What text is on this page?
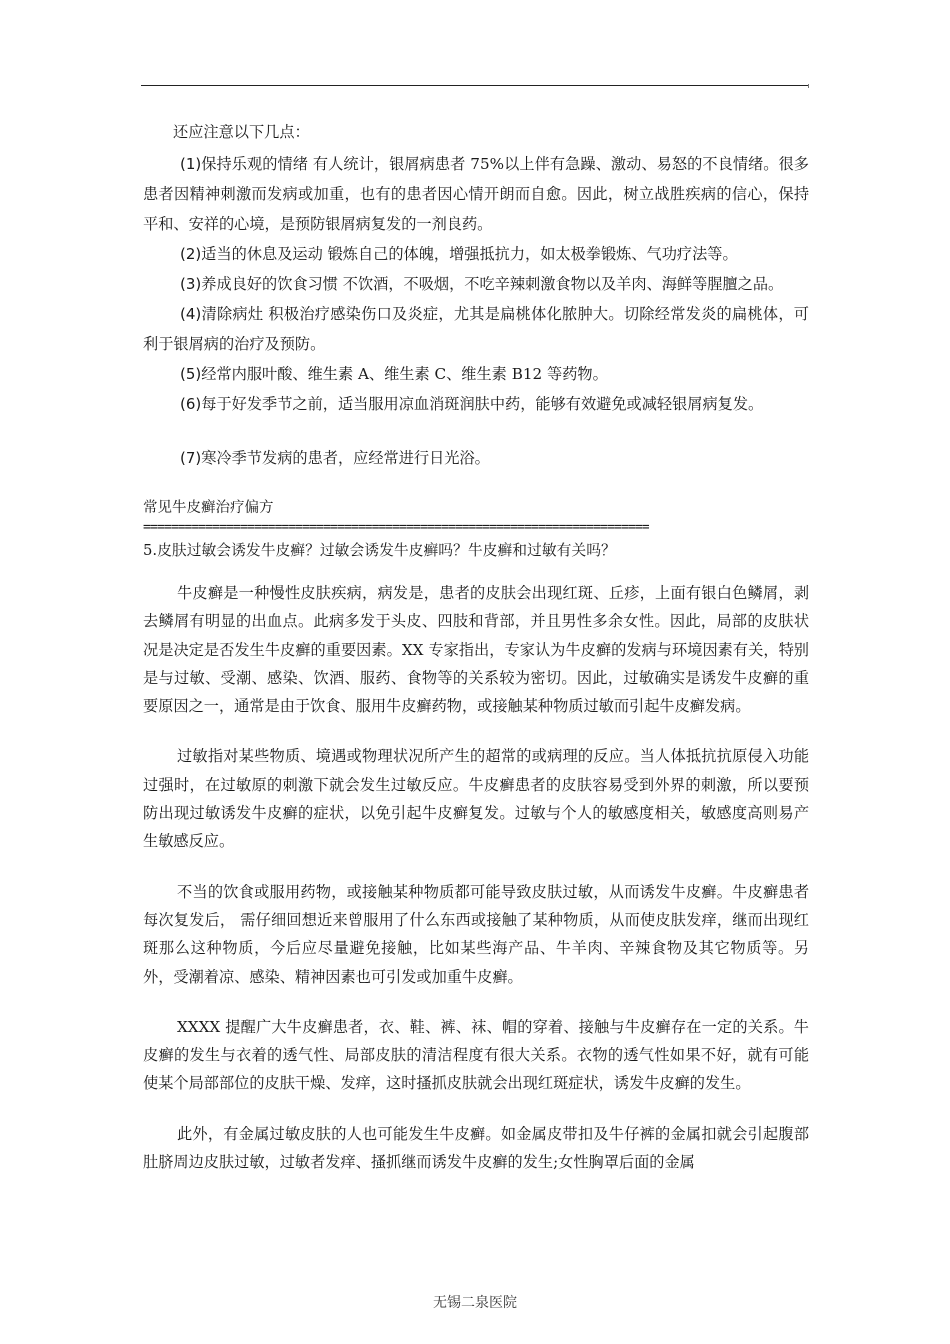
还应注意以下几点：

(1)保持乐观的情绪 有人统计，银屑病患者 75%以上伴有急躁、激动、易怒的不良情绪。很多患者因精神刺激而发病或加重，也有的患者因心情开朗而自愈。因此，树立战胜疾病的信心，保持平和、安祥的心境，是预防银屑病复发的一剂良药。

(2)适当的休息及运动 锻炼自己的体魄，增强抵抗力，如太极拳锻炼、气功疗法等。

(3)养成良好的饮食习惯 不饮酒，不吸烟，不吃辛辣刺激食物以及羊肉、海鲜等腥膻之品。

(4)清除病灶 积极治疗感染伤口及炎症，尤其是扁桃体化脓肿大。切除经常发炎的扁桃体，可利于银屑病的治疗及预防。

(5)经常内服叶酸、维生素 A、维生素 C、维生素 B12 等药物。

(6)每于好发季节之前，适当服用凉血消斑润肤中药，能够有效避免或减轻银屑病复发。

(7)寒冷季节发病的患者，应经常进行日光浴。

常见牛皮癣治疗偏方

=========================================================================

5.皮肤过敏会诱发牛皮癣？过敏会诱发牛皮癣吗？牛皮癣和过敏有关吗？

牛皮癣是一种慢性皮肤疾病，病发是，患者的皮肤会出现红斑、丘疹，上面有银白色鳞屑，剥去鳞屑有明显的出血点。此病多发于头皮、四肢和背部，并且男性多余女性。因此，局部的皮肤状况是决定是否发生牛皮癣的重要因素。XX 专家指出，专家认为牛皮癣的发病与环境因素有关，特别是与过敏、受潮、感染、饮酒、服药、食物等的关系较为密切。因此，过敏确实是诱发牛皮癣的重要原因之一，通常是由于饮食、服用牛皮癣药物，或接触某种物质过敏而引起牛皮癣发病。

过敏指对某些物质、境遇或物理状况所产生的超常的或病理的反应。当人体抵抗抗原侵入功能过强时，在过敏原的刺激下就会发生过敏反应。牛皮癣患者的皮肤容易受到外界的刺激，所以要预防出现过敏诱发牛皮癣的症状，以免引起牛皮癣复发。过敏与个人的敏感度相关，敏感度高则易产生敏感反应。

不当的饮食或服用药物，或接触某种物质都可能导致皮肤过敏，从而诱发牛皮癣。牛皮癣患者每次复发后， 需仔细回想近来曾服用了什么东西或接触了某种物质，从而使皮肤发痒，继而出现红斑那么这种物质，今后应尽量避免接触，比如某些海产品、牛羊肉、辛辣食物及其它物质等。另外，受潮着凉、感染、精神因素也可引发或加重牛皮癣。

XXXX 提醒广大牛皮癣患者，衣、鞋、裤、袜、帽的穿着、接触与牛皮癣存在一定的关系。牛皮癣的发生与衣着的透气性、局部皮肤的清洁程度有很大关系。衣物的透气性如果不好，就有可能使某个局部部位的皮肤干燥、发痒，这时搔抓皮肤就会出现红斑症状，诱发牛皮癣的发生。

此外，有金属过敏皮肤的人也可能发生牛皮癣。如金属皮带扣及牛仔裤的金属扣就会引起腹部肚脐周边皮肤过敏，过敏者发痒、搔抓继而诱发牛皮癣的发生;女性胸罩后面的金属

无锡二泉医院
